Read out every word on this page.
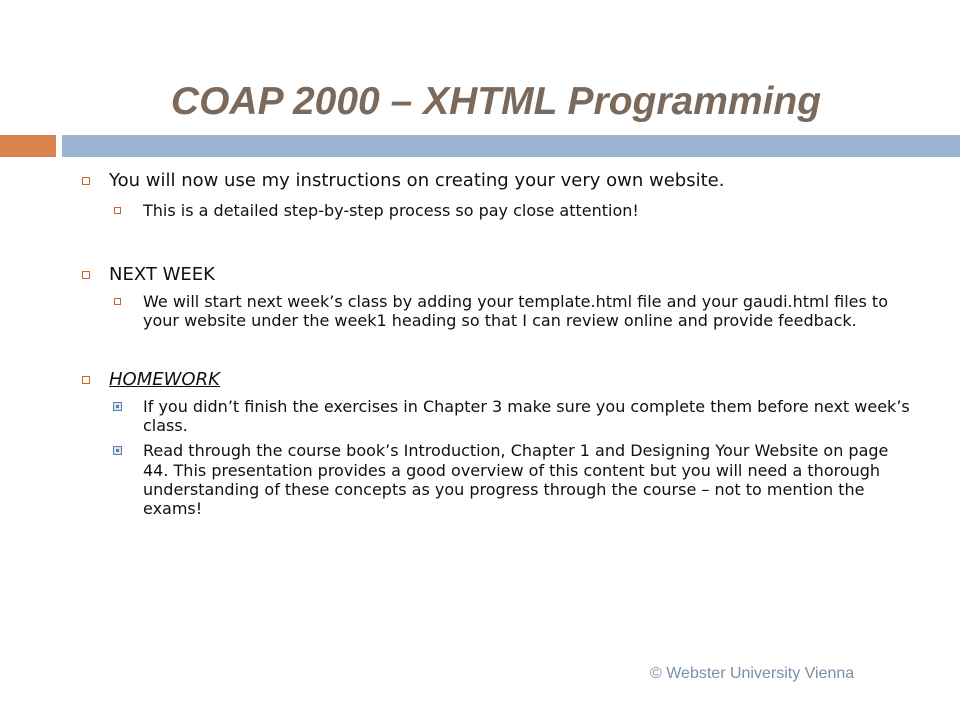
COAP 2000 – XHTML Programming
You will now use my instructions on creating your very own website.
This is a detailed step-by-step process so pay close attention!
NEXT WEEK
We will start next week’s class by adding your template.html file and your gaudi.html files to your website under the week1 heading so that I can review online and provide feedback.
HOMEWORK
If you didn’t finish the exercises in Chapter 3 make sure you complete them before next week’s class.
Read through the course book’s Introduction, Chapter 1 and Designing Your Website on page 44. This presentation provides a good overview of this content but you will need a thorough understanding of these concepts as you progress through the course – not to mention the exams!
© Webster University Vienna
